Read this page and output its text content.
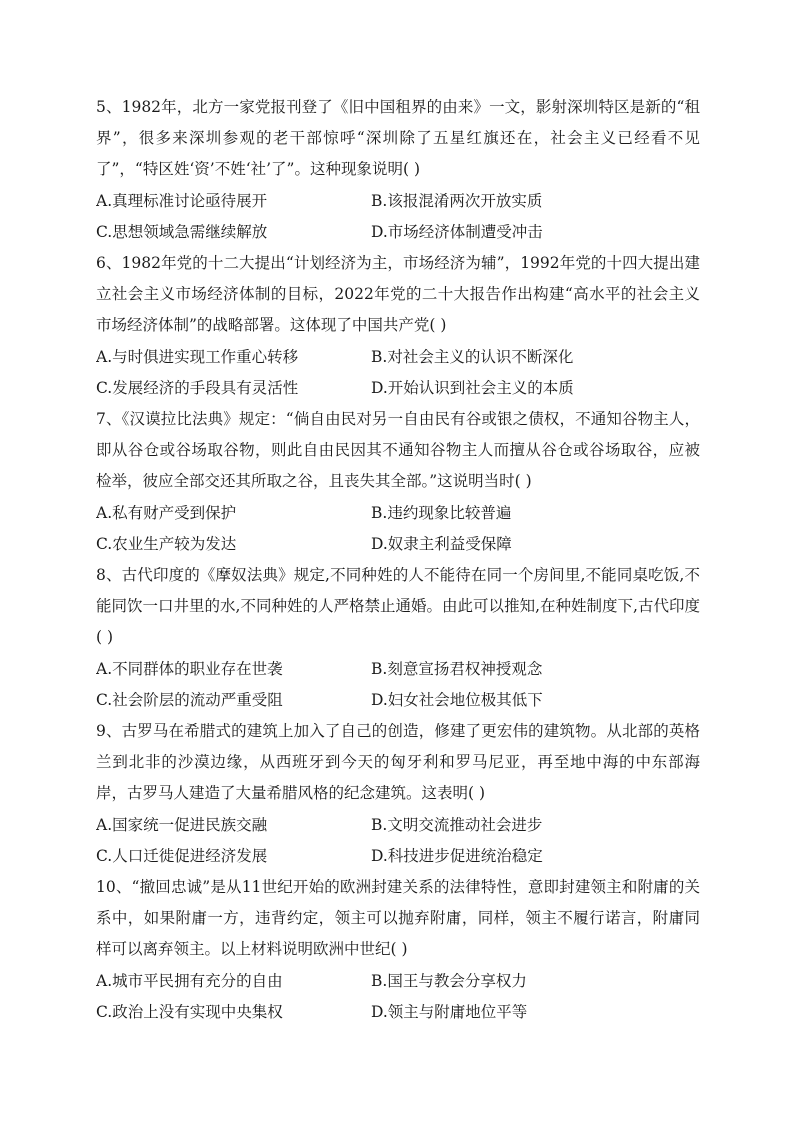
5、1982年，北方一家党报刊登了《旧中国租界的由来》一文，影射深圳特区是新的“租界”，很多来深圳参观的老干部惊呼“深圳除了五星红旗还在，社会主义已经看不见了”，“特区姓‘资’不姓‘社’了”。这种现象说明( )

A.真理标准讨论亟待展开	B.该报混淆两次开放实质
C.思想领域急需继续解放	D.市场经济体制遭受冲击

6、1982年党的十二大提出“计划经济为主，市场经济为辅”，1992年党的十四大提出建立社会主义市场经济体制的目标，2022年党的二十大报告作出构建“高水平的社会主义市场经济体制”的战略部署。这体现了中国共产党( )

A.与时俱进实现工作重心转移	B.对社会主义的认识不断深化
C.发展经济的手段具有灵活性	D.开始认识到社会主义的本质

7、《汉谟拉比法典》规定：“倘自由民对另一自由民有谷或银之债权，不通知谷物主人，即从谷仓或谷场取谷物，则此自由民因其不通知谷物主人而擅从谷仓或谷场取谷，应被检举，彼应全部交还其所取之谷，且丧失其全部。”这说明当时( )

A.私有财产受到保护	B.违约现象比较普遍
C.农业生产较为发达	D.奴隶主利益受保障

8、古代印度的《摩奴法典》规定,不同种姓的人不能待在同一个房间里,不能同桌吃饭,不能同饮一口井里的水,不同种姓的人严格禁止通婚。由此可以推知,在种姓制度下,古代印度( )

A.不同群体的职业存在世袭	B.刻意宣扬君权神授观念
C.社会阶层的流动严重受阻	D.妇女社会地位极其低下

9、古罗马在希腊式的建筑上加入了自己的创造，修建了更宏伟的建筑物。从北部的英格兰到北非的沙漠边缘，从西班牙到今天的匈牙利和罗马尼亚，再至地中海的中东部海岸，古罗马人建造了大量希腊风格的纪念建筑。这表明( )

A.国家统一促进民族交融	B.文明交流推动社会进步
C.人口迁徙促进经济发展	D.科技进步促进统治稳定

10、“撤回忠诚”是从11世纪开始的欧洲封建关系的法律特性，意即封建领主和附庸的关系中，如果附庸一方，违背约定，领主可以抛弃附庸，同样，领主不履行诺言，附庸同样可以离弃领主。以上材料说明欧洲中世纪( )

A.城市平民拥有充分的自由	B.国王与教会分享权力
C.政治上没有实现中央集权	D.领主与附庸地位平等
